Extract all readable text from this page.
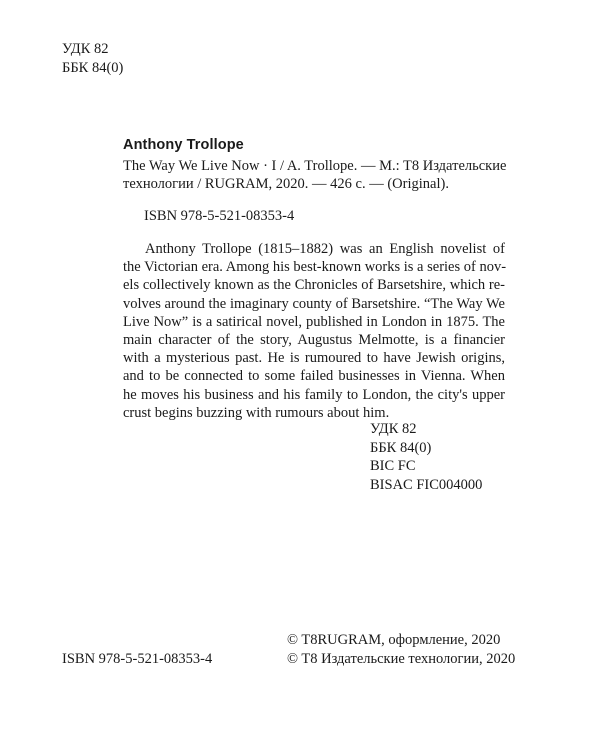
УДК 82
ББК 84(0)
Anthony Trollope
The Way We Live Now · I / A. Trollope. — M.: T8 Издательские
технологии / RUGRAM, 2020. — 426 с. — (Original).
ISBN 978-5-521-08353-4
Anthony Trollope (1815–1882) was an English novelist of
the Victorian era. Among his best-known works is a series of nov-
els collectively known as the Chronicles of Barsetshire, which re-
volves around the imaginary county of Barsetshire. “The Way We
Live Now” is a satirical novel, published in London in 1875. The
main character of the story, Augustus Melmotte, is a financier
with a mysterious past. He is rumoured to have Jewish origins,
and to be connected to some failed businesses in Vienna. When
he moves his business and his family to London, the city's upper
crust begins buzzing with rumours about him.
УДК 82
ББК 84(0)
BIC FC
BISAC FIC004000
© T8RUGRAM, оформление, 2020
© T8 Издательские технологии, 2020
ISBN 978-5-521-08353-4
